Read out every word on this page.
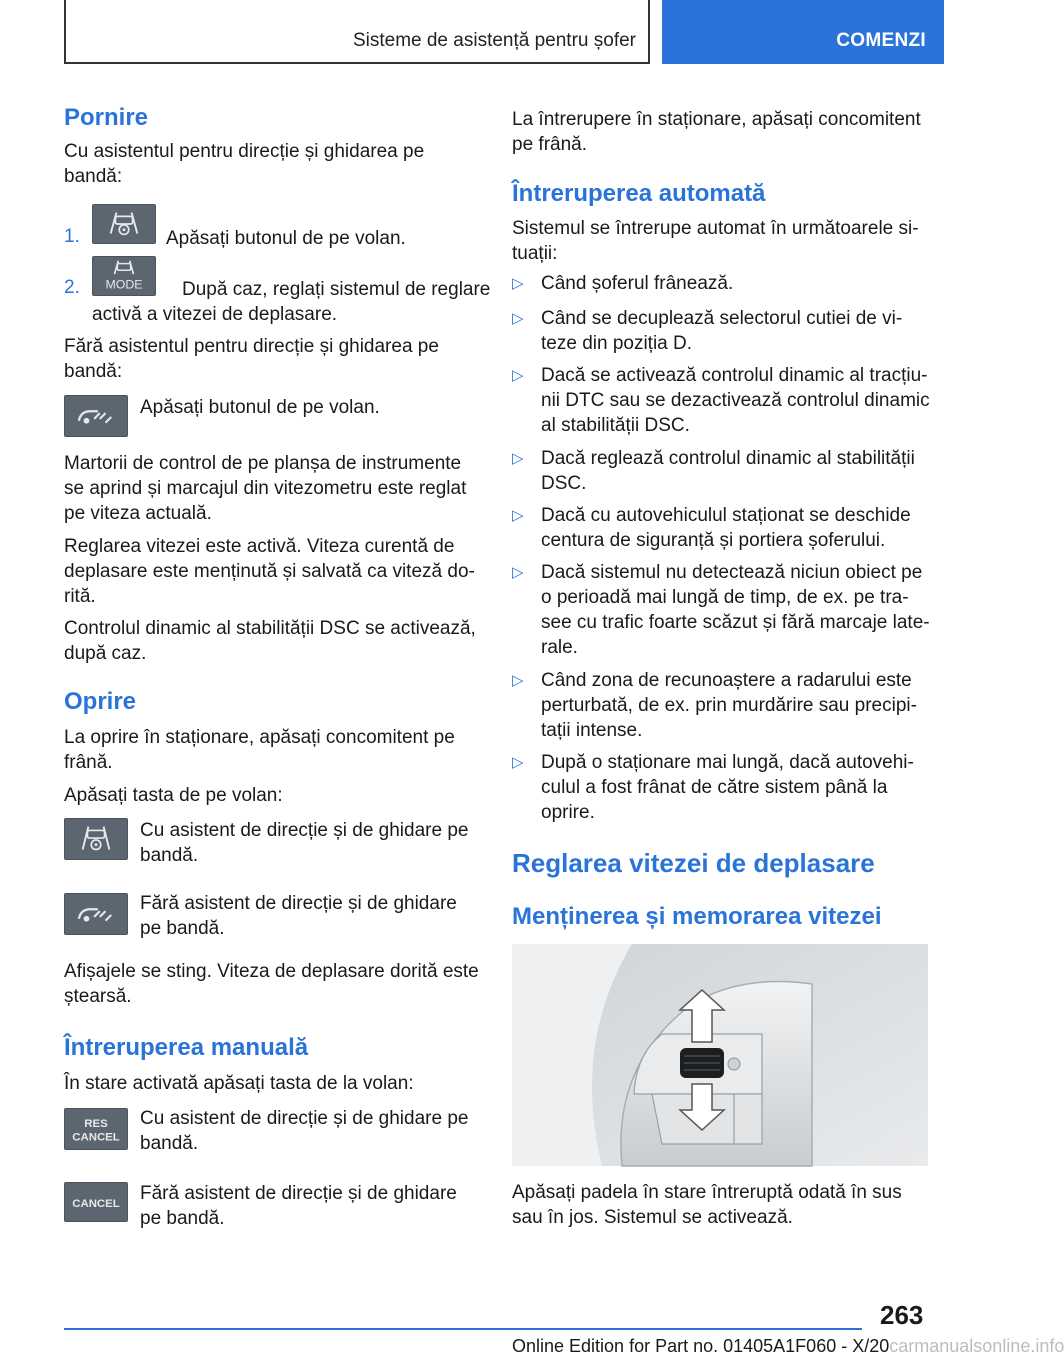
Sisteme de asistență pentru șofer	COMENZI
Pornire
Cu asistentul pentru direcție și ghidarea pe
bandă:
1.	Apăsați butonul de pe volan.
2. MODE După caz, reglați sistemul de reglare
activă a vitezei de deplasare.
Fără asistentul pentru direcție și ghidarea pe
bandă:
Apăsați butonul de pe volan.
Martorii de control de pe planșa de instrumente
se aprind și marcajul din vitezometru este reglat
pe viteza actuală.
Reglarea vitezei este activă. Viteza curentă de
deplasare este menținută și salvată ca viteză do-
rită.
Controlul dinamic al stabilității DSC se activează,
după caz.
Oprire
La oprire în staționare, apăsați concomitent pe
frână.
Apăsați tasta de pe volan:
Cu asistent de direcție și de ghidare pe
bandă.
Fără asistent de direcție și de ghidare
pe bandă.
Afișajele se sting. Viteza de deplasare dorită este
ștearsă.
Întreruperea manuală
În stare activată apăsați tasta de la volan:
RES
CANCEL
Cu asistent de direcție și de ghidare pe
bandă.
CANCEL Fără asistent de direcție și de ghidare
pe bandă.
La întrerupere în staționare, apăsați concomitent
pe frână.
Întreruperea automată
Sistemul se întrerupe automat în următoarele si-
tuații:
▷ Când șoferul frânează.
▷ Când se decuplează selectorul cutiei de vi-
teze din poziția D.
▷ Dacă se activează controlul dinamic al tracțiu-
nii DTC sau se dezactivează controlul dinamic
al stabilității DSC.
▷ Dacă reglează controlul dinamic al stabilității
DSC.
▷ Dacă cu autovehiculul staționat se deschide
centura de siguranță și portiera șoferului.
▷ Dacă sistemul nu detectează niciun obiect pe
o perioadă mai lungă de timp, de ex. pe tra-
see cu trafic foarte scăzut și fără marcaje late-
rale.
▷ Când zona de recunoaștere a radarului este
perturbată, de ex. prin murdărire sau precipi-
tații intense.
▷ După o staționare mai lungă, dacă autovehi-
culul a fost frânat de către sistem până la
oprire.
Reglarea vitezei de deplasare
Menținerea și memorarea vitezei
Apăsați padela în stare întreruptă odată în sus
sau în jos. Sistemul se activează.
263
Online Edition for Part no. 01405A1F060 - X/20carmanualsonline.info
